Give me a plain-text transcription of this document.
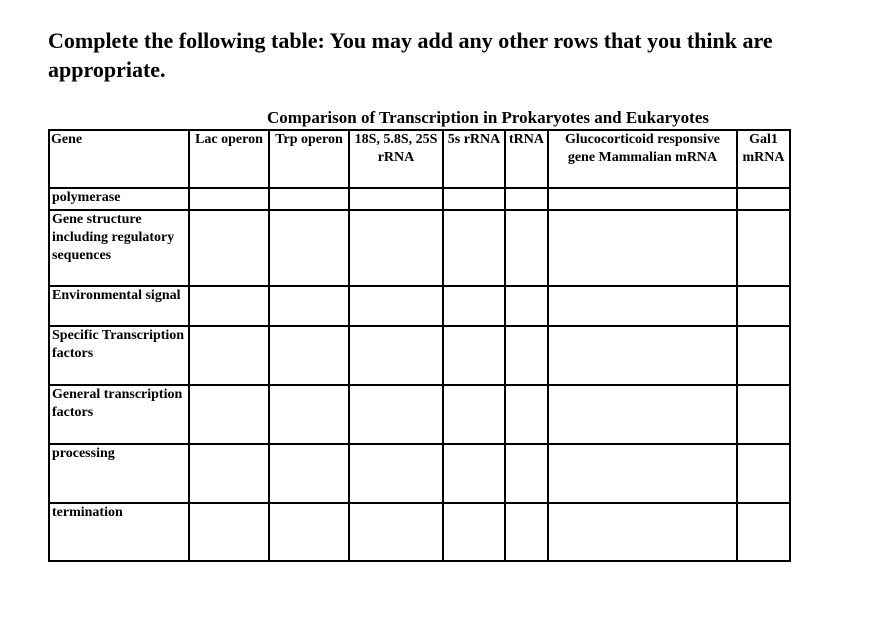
Complete the following table: You may add any other rows that you think are appropriate.

Comparison of Transcription in Prokaryotes and Eukaryotes
Gene	Lac operon	Trp operon	18S, 5.8S, 25S rRNA	5s rRNA	tRNA	Glucocorticoid responsive gene Mammalian mRNA	Gal1 mRNA
polymerase							
Gene structure including regulatory sequences							
Environmental signal							
Specific Transcription factors							
General transcription factors							
processing							
termination							
